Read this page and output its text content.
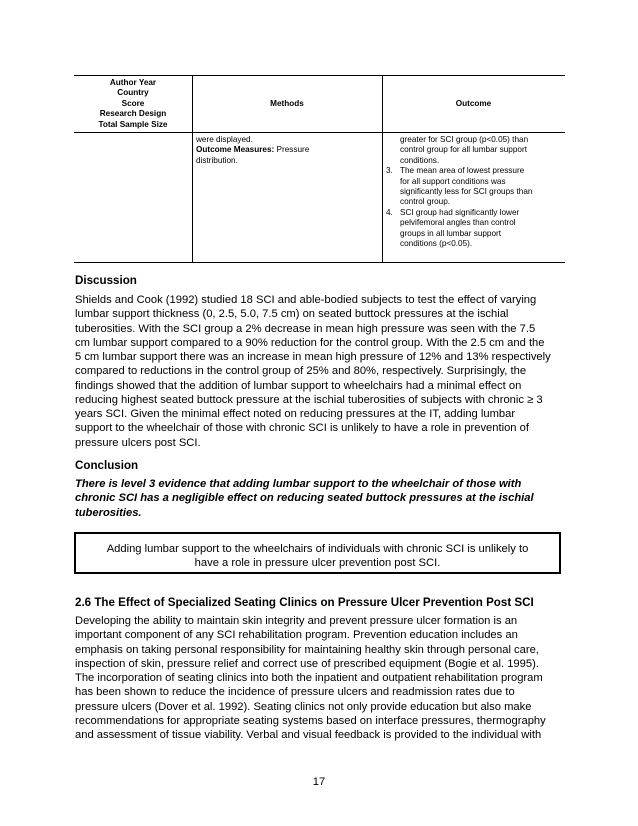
Author Year
Country
Score
Research Design
Total Sample Size
Methods	Outcome
were displayed.
Outcome Measures: Pressure
distribution.
greater for SCI group (p<0.05) than
control group for all lumbar support
conditions.
3. The mean area of lowest pressure
for all support conditions was
significantly less for SCI groups than
control group.
4. SCI group had significantly lower
pelvifemoral angles than control
groups in all lumbar support
conditions (p<0.05).
Discussion
Shields and Cook (1992) studied 18 SCI and able-bodied subjects to test the effect of varying
lumbar support thickness (0, 2.5, 5.0, 7.5 cm) on seated buttock pressures at the ischial
tuberosities. With the SCI group a 2% decrease in mean high pressure was seen with the 7.5
cm lumbar support compared to a 90% reduction for the control group. With the 2.5 cm and the
5 cm lumbar support there was an increase in mean high pressure of 12% and 13% respectively
compared to reductions in the control group of 25% and 80%, respectively. Surprisingly, the
findings showed that the addition of lumbar support to wheelchairs had a minimal effect on
reducing highest seated buttock pressure at the ischial tuberosities of subjects with chronic ≥ 3
years SCI. Given the minimal effect noted on reducing pressures at the IT, adding lumbar
support to the wheelchair of those with chronic SCI is unlikely to have a role in prevention of
pressure ulcers post SCI.
Conclusion
There is level 3 evidence that adding lumbar support to the wheelchair of those with
chronic SCI has a negligible effect on reducing seated buttock pressures at the ischial
tuberosities.
Adding lumbar support to the wheelchairs of individuals with chronic SCI is unlikely to
have a role in pressure ulcer prevention post SCI.
2.6 The Effect of Specialized Seating Clinics on Pressure Ulcer Prevention Post SCI
Developing the ability to maintain skin integrity and prevent pressure ulcer formation is an
important component of any SCI rehabilitation program. Prevention education includes an
emphasis on taking personal responsibility for maintaining healthy skin through personal care,
inspection of skin, pressure relief and correct use of prescribed equipment (Bogie et al. 1995).
The incorporation of seating clinics into both the inpatient and outpatient rehabilitation program
has been shown to reduce the incidence of pressure ulcers and readmission rates due to
pressure ulcers (Dover et al. 1992). Seating clinics not only provide education but also make
recommendations for appropriate seating systems based on interface pressures, thermography
and assessment of tissue viability. Verbal and visual feedback is provided to the individual with
17
